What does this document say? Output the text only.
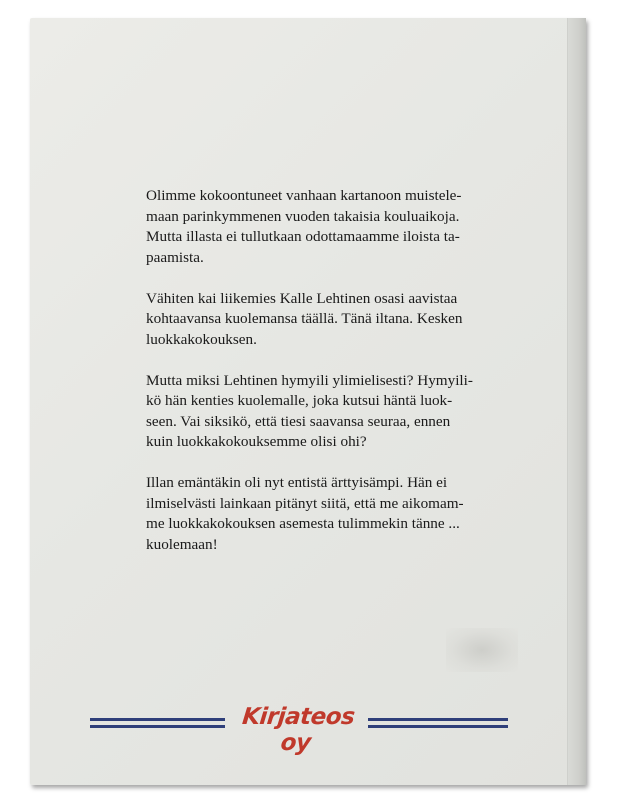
Olimme kokoontuneet vanhaan kartanoon muistele-
maan parinkymmenen vuoden takaisia kouluaikoja.
Mutta illasta ei tullutkaan odottamaamme iloista ta-
paamista.

Vähiten kai liikemies Kalle Lehtinen osasi aavistaa
kohtaavansa kuolemansa täällä. Tänä iltana. Kesken
luokkakokouksen.

Mutta miksi Lehtinen hymyili ylimielisesti? Hymyili-
kö hän kenties kuolemalle, joka kutsui häntä luok-
seen. Vai siksikö, että tiesi saavansa seuraa, ennen
kuin luokkakokouksemme olisi ohi?

Illan emäntäkin oli nyt entistä ärttyisämpi. Hän ei
ilmiselvästi lainkaan pitänyt siitä, että me aikomam-
me luokkakokouksen asemesta tulimmekin tänne ...
kuolemaan!

Kirjateos oy
